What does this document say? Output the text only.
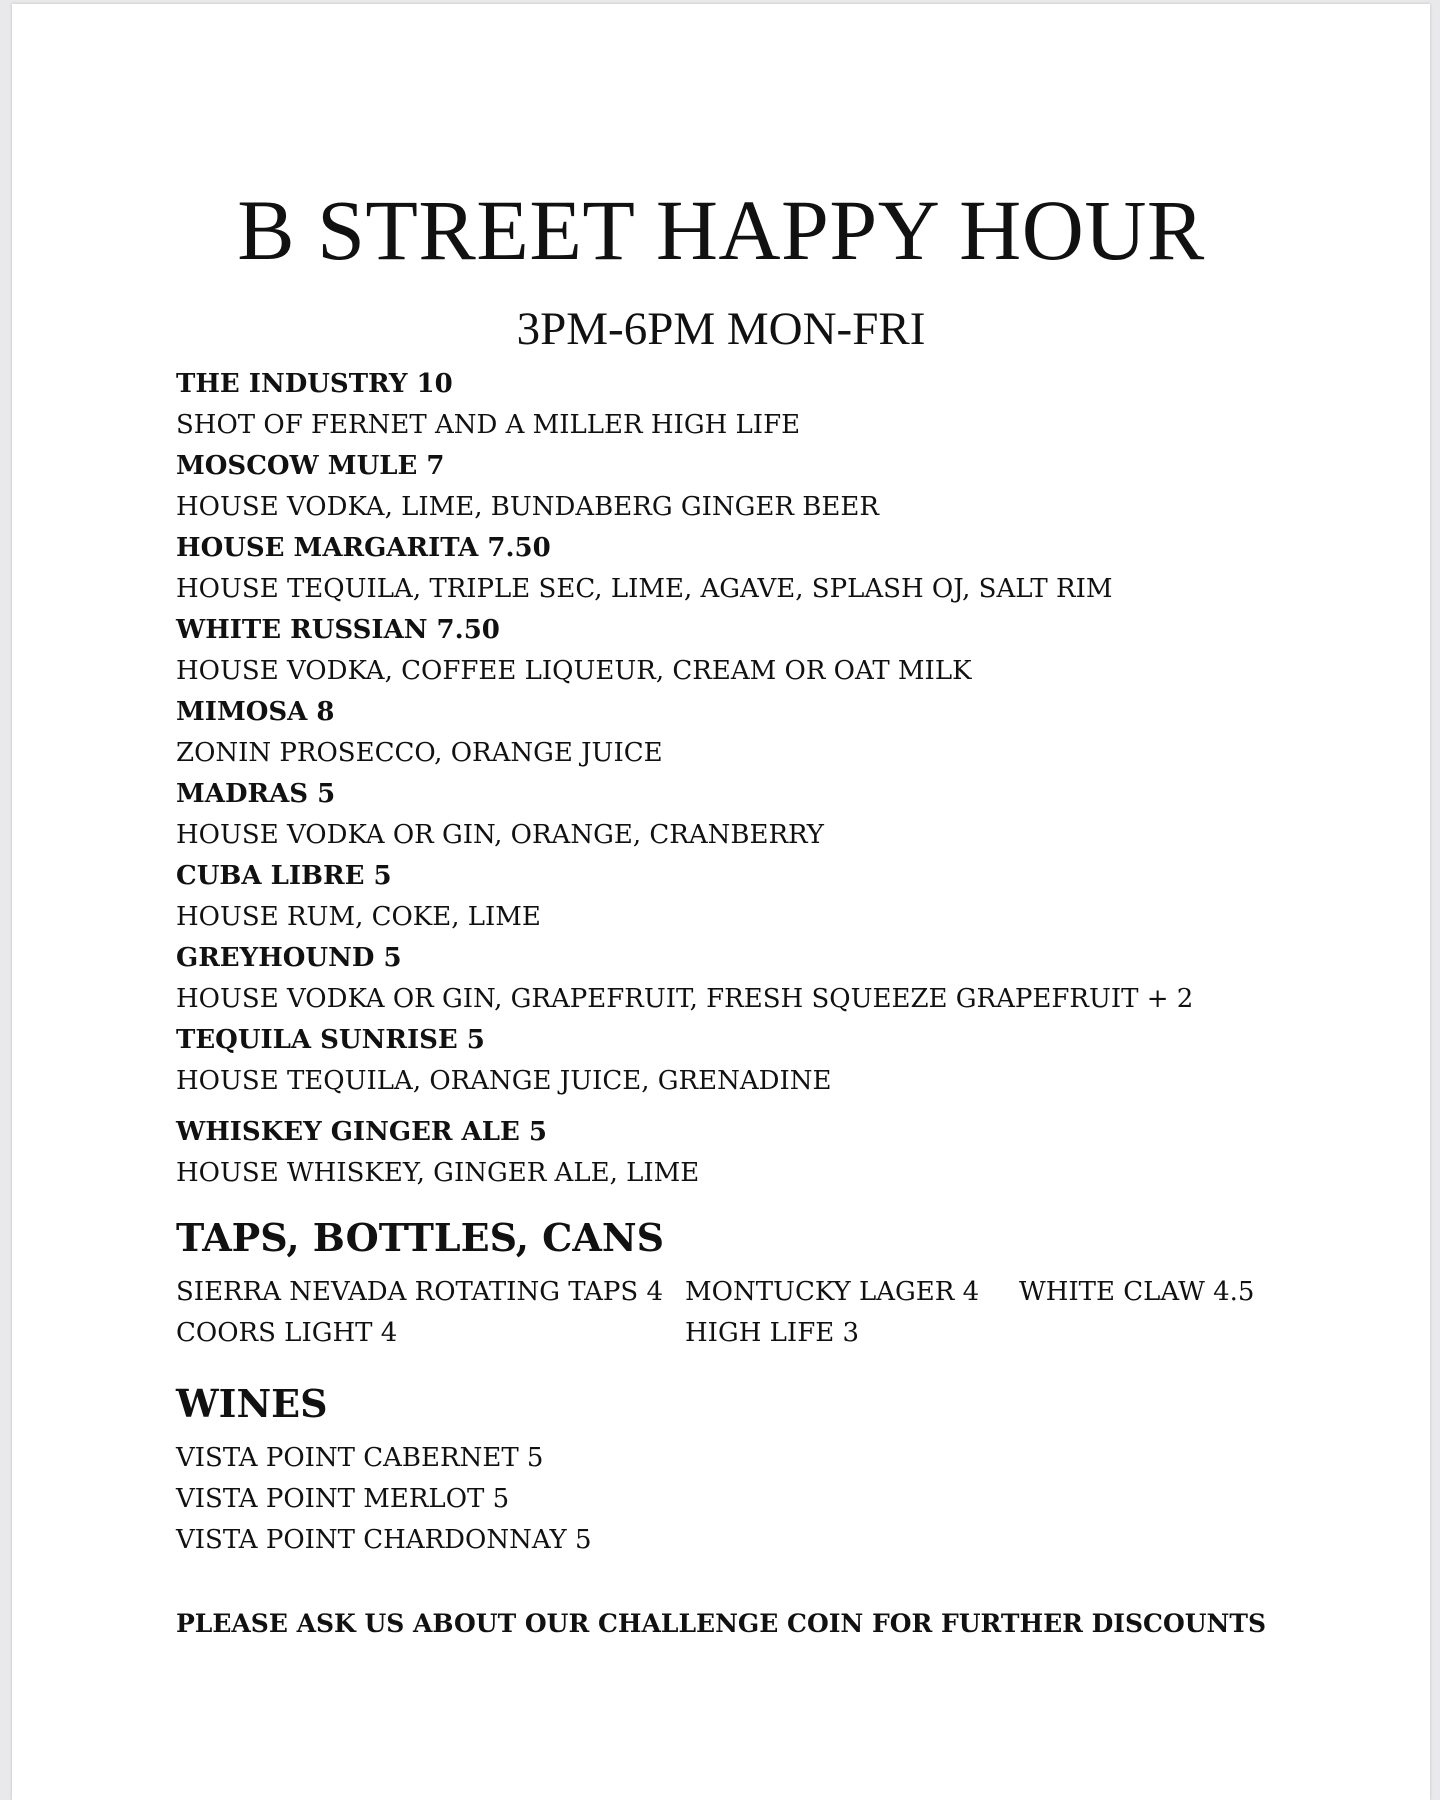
B STREET HAPPY HOUR
3PM-6PM MON-FRI
THE INDUSTRY 10
SHOT OF FERNET AND A MILLER HIGH LIFE
MOSCOW MULE 7
HOUSE VODKA, LIME, BUNDABERG GINGER BEER
HOUSE MARGARITA 7.50
HOUSE TEQUILA, TRIPLE SEC, LIME, AGAVE, SPLASH OJ, SALT RIM
WHITE RUSSIAN 7.50
HOUSE VODKA, COFFEE LIQUEUR, CREAM OR OAT MILK
MIMOSA 8
ZONIN PROSECCO, ORANGE JUICE
MADRAS 5
HOUSE VODKA OR GIN, ORANGE, CRANBERRY
CUBA LIBRE 5
HOUSE RUM, COKE, LIME
GREYHOUND 5
HOUSE VODKA OR GIN, GRAPEFRUIT, FRESH SQUEEZE GRAPEFRUIT + 2
TEQUILA SUNRISE 5
HOUSE TEQUILA, ORANGE JUICE, GRENADINE
WHISKEY GINGER ALE 5
HOUSE WHISKEY, GINGER ALE, LIME
TAPS, BOTTLES, CANS
SIERRA NEVADA ROTATING TAPS 4 MONTUCKY LAGER 4 WHITE CLAW 4.5
COORS LIGHT 4	HIGH LIFE 3
WINES
VISTA POINT CABERNET 5
VISTA POINT MERLOT 5
VISTA POINT CHARDONNAY 5
PLEASE ASK US ABOUT OUR CHALLENGE COIN FOR FURTHER DISCOUNTS
